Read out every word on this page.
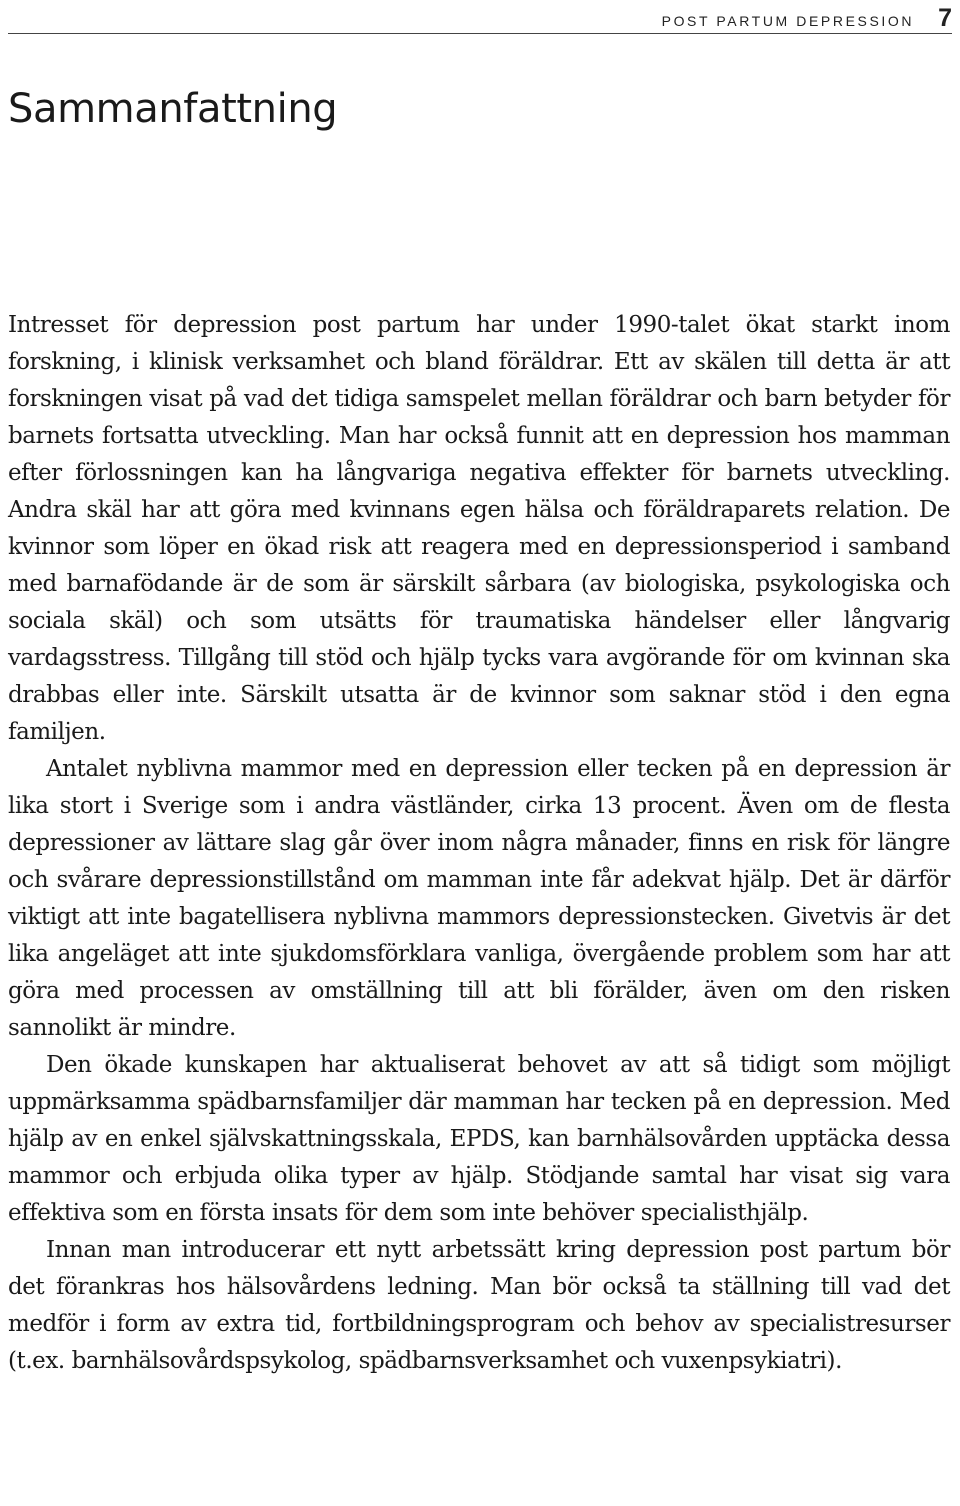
POST PARTUM DEPRESSION 7
Sammanfattning

Intresset för depression post partum har under 1990-talet ökat starkt inom forskning, i klinisk verksamhet och bland föräldrar. Ett av skälen till detta är att forskningen visat på vad det tidiga samspelet mellan föräldrar och barn betyder för barnets fortsatta utveckling. Man har också funnit att en depression hos mamman efter förlossningen kan ha långvariga negativa effekter för barnets utveckling. Andra skäl har att göra med kvinnans egen hälsa och föräldraparets relation. De kvinnor som löper en ökad risk att reagera med en depressionsperiod i samband med barnafödande är de som är särskilt sårbara (av biologiska, psykologiska och sociala skäl) och som utsätts för traumatiska händelser eller långvarig vardagsstress. Tillgång till stöd och hjälp tycks vara avgörande för om kvinnan ska drabbas eller inte. Särskilt utsatta är de kvinnor som saknar stöd i den egna familjen.

Antalet nyblivna mammor med en depression eller tecken på en depression är lika stort i Sverige som i andra västländer, cirka 13 procent. Även om de flesta depressioner av lättare slag går över inom några månader, finns en risk för längre och svårare depressionstillstånd om mamman inte får adekvat hjälp. Det är därför viktigt att inte bagatellisera nyblivna mammors depressionstecken. Givetvis är det lika angeläget att inte sjukdomsförklara vanliga, övergående problem som har att göra med processen av omställning till att bli förälder, även om den risken sannolikt är mindre.

Den ökade kunskapen har aktualiserat behovet av att så tidigt som möjligt uppmärksamma spädbarnsfamiljer där mamman har tecken på en depression. Med hjälp av en enkel självskattningsskala, EPDS, kan barnhälsovården upptäcka dessa mammor och erbjuda olika typer av hjälp. Stödjande samtal har visat sig vara effektiva som en första insats för dem som inte behöver specialisthjälp.

Innan man introducerar ett nytt arbetssätt kring depression post partum bör det förankras hos hälsovårdens ledning. Man bör också ta ställning till vad det medför i form av extra tid, fortbildningsprogram och behov av specialistresurser (t.ex. barnhälsovårdspsykolog, spädbarnsverksamhet och vuxenpsykiatri).
